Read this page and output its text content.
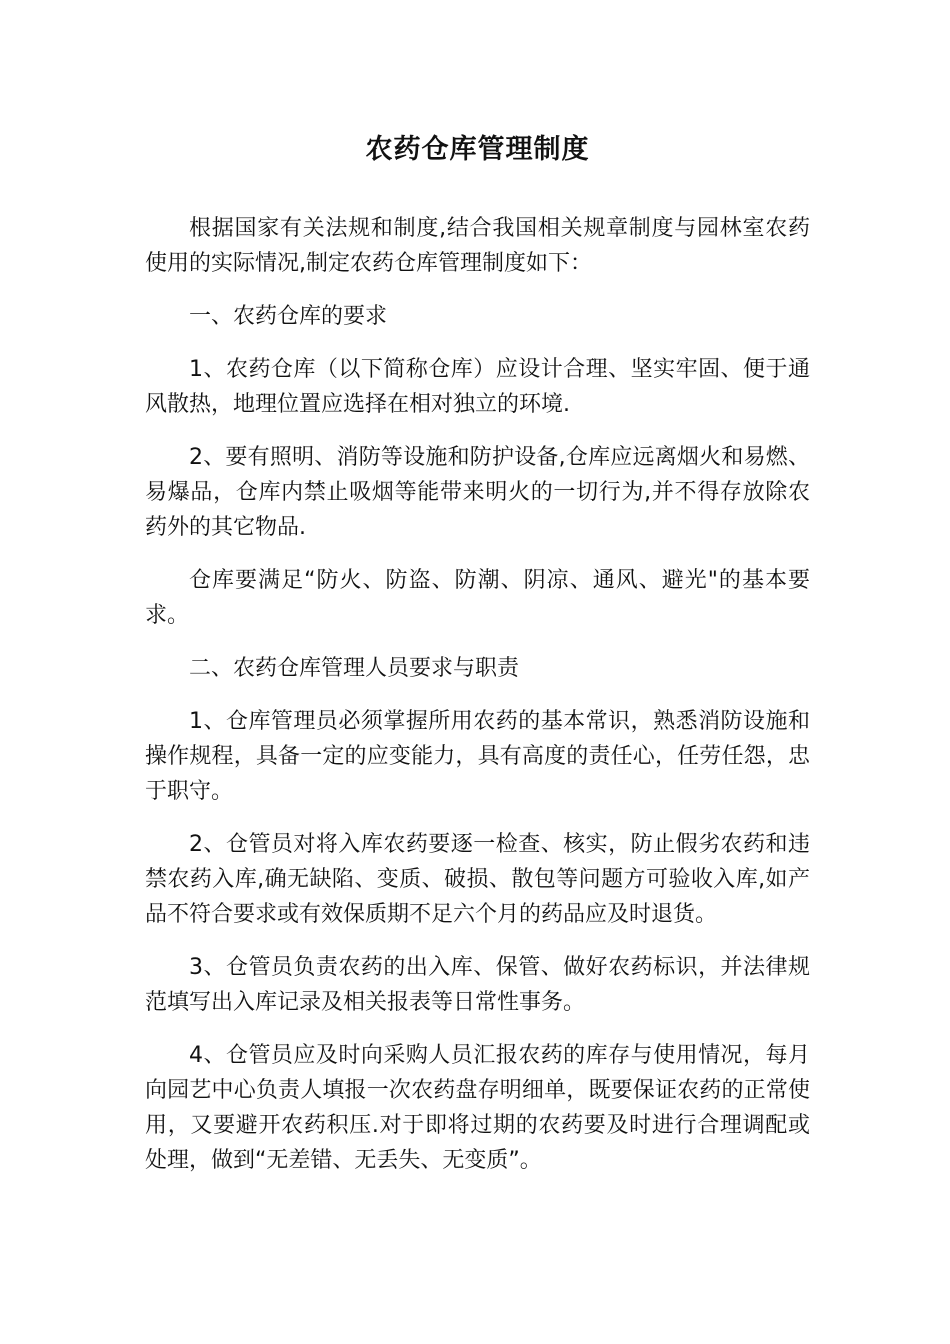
农药仓库管理制度

根据国家有关法规和制度,结合我国相关规章制度与园林室农药使用的实际情况,制定农药仓库管理制度如下：

一、农药仓库的要求

1、农药仓库（以下简称仓库）应设计合理、坚实牢固、便于通风散热，地理位置应选择在相对独立的环境.

2、要有照明、消防等设施和防护设备,仓库应远离烟火和易燃、易爆品，仓库内禁止吸烟等能带来明火的一切行为,并不得存放除农药外的其它物品.

仓库要满足“防火、防盗、防潮、阴凉、通风、避光"的基本要求。

二、农药仓库管理人员要求与职责

1、仓库管理员必须掌握所用农药的基本常识，熟悉消防设施和操作规程，具备一定的应变能力，具有高度的责任心，任劳任怨，忠于职守。

2、仓管员对将入库农药要逐一检查、核实，防止假劣农药和违禁农药入库,确无缺陷、变质、破损、散包等问题方可验收入库,如产品不符合要求或有效保质期不足六个月的药品应及时退货。

3、仓管员负责农药的出入库、保管、做好农药标识，并法律规范填写出入库记录及相关报表等日常性事务。

4、仓管员应及时向采购人员汇报农药的库存与使用情况，每月向园艺中心负责人填报一次农药盘存明细单，既要保证农药的正常使用，又要避开农药积压.对于即将过期的农药要及时进行合理调配或处理，做到“无差错、无丢失、无变质”。
